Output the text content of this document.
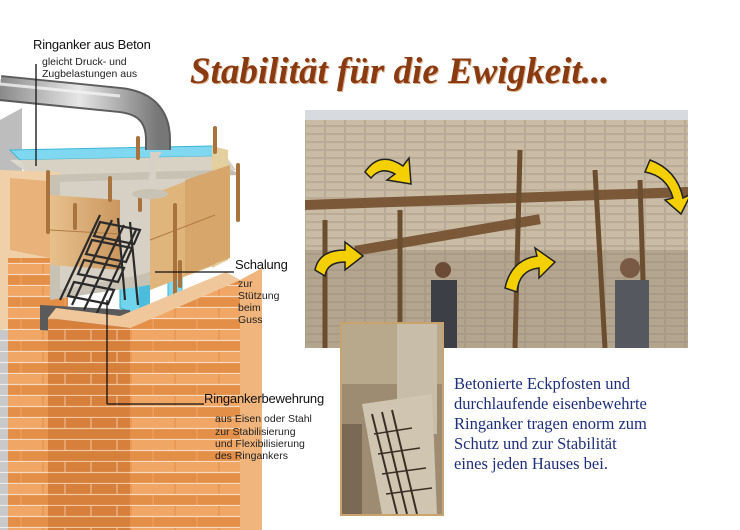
Ringanker aus Beton
gleicht Druck- und
Zugbelastungen aus
Schalung
zur
Stützung
beim
Guss
Ringankerbewehrung
aus Eisen oder Stahl
zur Stabilisierung
und Flexibilisierung
des Ringankers
Stabilität für die Ewigkeit...
Betonierte Eckpfosten und
durchlaufende eisenbewehrte
Ringanker tragen enorm zum
Schutz und zur Stabilität
eines jeden Hauses bei.
